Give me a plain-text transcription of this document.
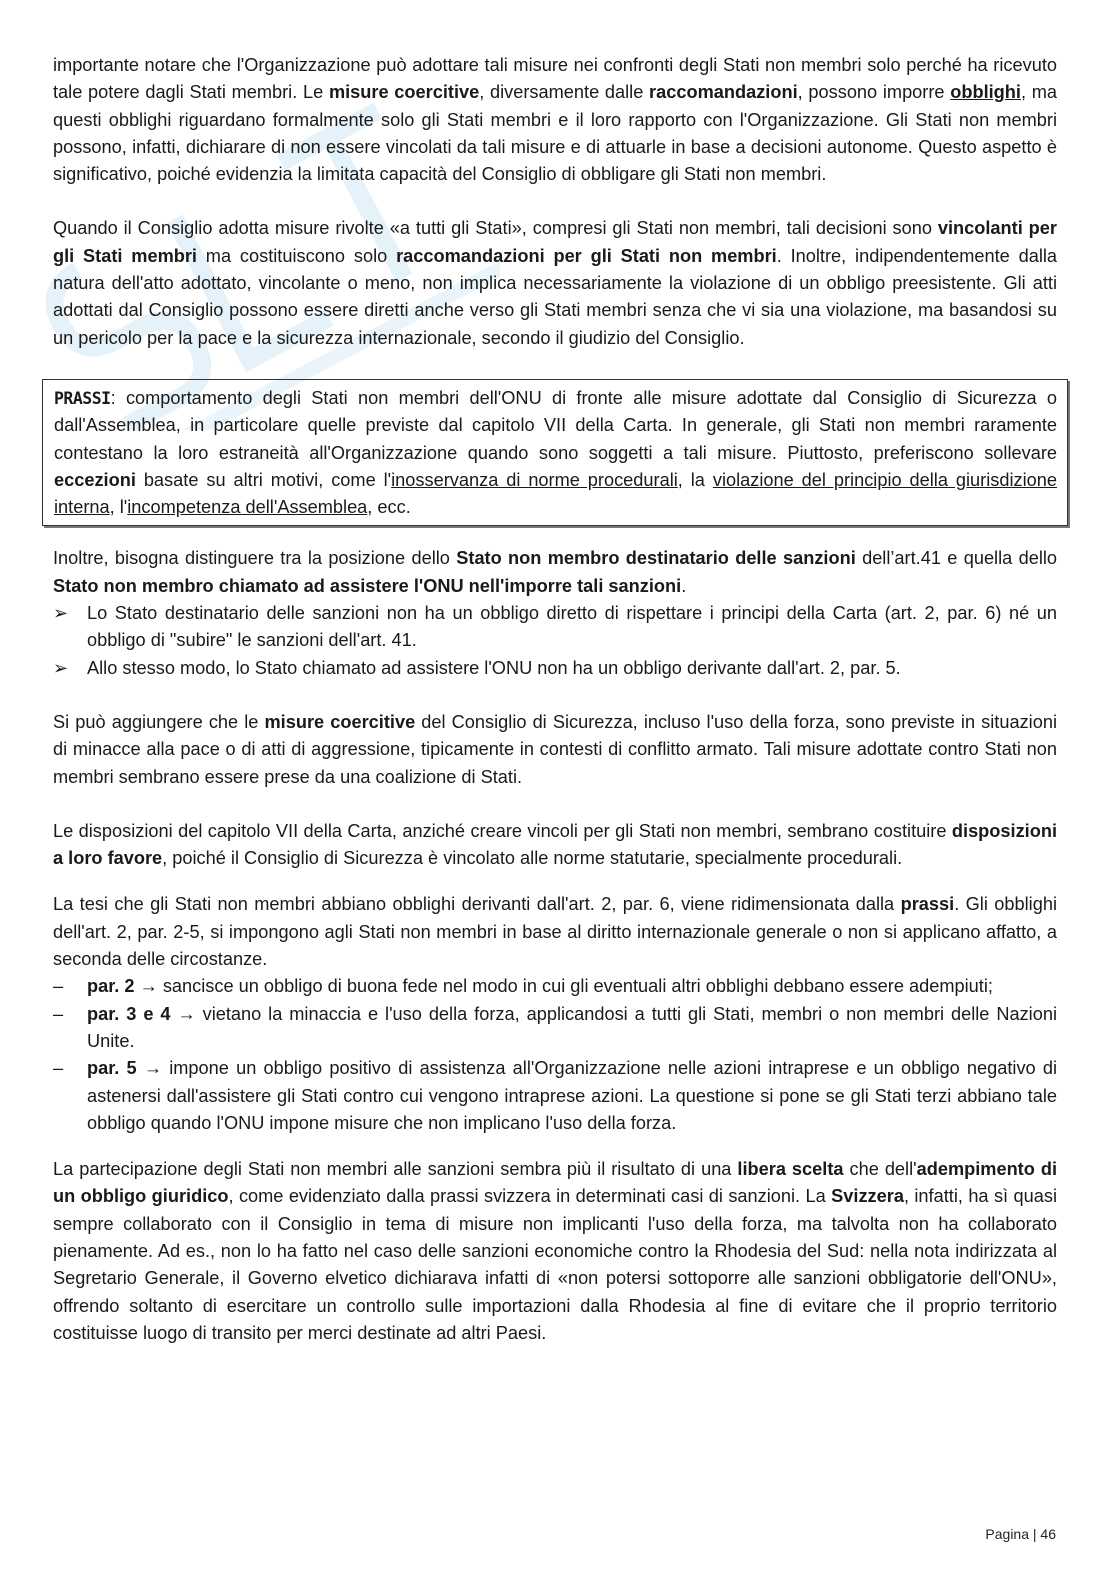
importante notare che l'Organizzazione può adottare tali misure nei confronti degli Stati non membri solo perché ha ricevuto tale potere dagli Stati membri. Le misure coercitive, diversamente dalle raccomandazioni, possono imporre obblighi, ma questi obblighi riguardano formalmente solo gli Stati membri e il loro rapporto con l'Organizzazione. Gli Stati non membri possono, infatti, dichiarare di non essere vincolati da tali misure e di attuarle in base a decisioni autonome. Questo aspetto è significativo, poiché evidenzia la limitata capacità del Consiglio di obbligare gli Stati non membri.

Quando il Consiglio adotta misure rivolte «a tutti gli Stati», compresi gli Stati non membri, tali decisioni sono vincolanti per gli Stati membri ma costituiscono solo raccomandazioni per gli Stati non membri. Inoltre, indipendentemente dalla natura dell'atto adottato, vincolante o meno, non implica necessariamente la violazione di un obbligo preesistente. Gli atti adottati dal Consiglio possono essere diretti anche verso gli Stati membri senza che vi sia una violazione, ma basandosi su un pericolo per la pace e la sicurezza internazionale, secondo il giudizio del Consiglio.

PRASSI: comportamento degli Stati non membri dell'ONU di fronte alle misure adottate dal Consiglio di Sicurezza o dall'Assemblea, in particolare quelle previste dal capitolo VII della Carta. In generale, gli Stati non membri raramente contestano la loro estraneità all'Organizzazione quando sono soggetti a tali misure. Piuttosto, preferiscono sollevare eccezioni basate su altri motivi, come l'inosservanza di norme procedurali, la violazione del principio della giurisdizione interna, l'incompetenza dell'Assemblea, ecc.

Inoltre, bisogna distinguere tra la posizione dello Stato non membro destinatario delle sanzioni dell’art.41 e quella dello Stato non membro chiamato ad assistere l'ONU nell'imporre tali sanzioni.

➢	Lo Stato destinatario delle sanzioni non ha un obbligo diretto di rispettare i principi della Carta (art. 2, par. 6) né un obbligo di "subire" le sanzioni dell'art. 41.
➢	Allo stesso modo, lo Stato chiamato ad assistere l'ONU non ha un obbligo derivante dall'art. 2, par. 5.

Si può aggiungere che le misure coercitive del Consiglio di Sicurezza, incluso l'uso della forza, sono previste in situazioni di minacce alla pace o di atti di aggressione, tipicamente in contesti di conflitto armato. Tali misure adottate contro Stati non membri sembrano essere prese da una coalizione di Stati.

Le disposizioni del capitolo VII della Carta, anziché creare vincoli per gli Stati non membri, sembrano costituire disposizioni a loro favore, poiché il Consiglio di Sicurezza è vincolato alle norme statutarie, specialmente procedurali.

La tesi che gli Stati non membri abbiano obblighi derivanti dall'art. 2, par. 6, viene ridimensionata dalla prassi. Gli obblighi dell'art. 2, par. 2-5, si impongono agli Stati non membri in base al diritto internazionale generale o non si applicano affatto, a seconda delle circostanze.

–	par. 2 → sancisce un obbligo di buona fede nel modo in cui gli eventuali altri obblighi debbano essere adempiuti;
–	par. 3 e 4 → vietano la minaccia e l'uso della forza, applicandosi a tutti gli Stati, membri o non membri delle Nazioni Unite.
–	par. 5 → impone un obbligo positivo di assistenza all'Organizzazione nelle azioni intraprese e un obbligo negativo di astenersi dall'assistere gli Stati contro cui vengono intraprese azioni. La questione si pone se gli Stati terzi abbiano tale obbligo quando l'ONU impone misure che non implicano l'uso della forza.

La partecipazione degli Stati non membri alle sanzioni sembra più il risultato di una libera scelta che dell'adempimento di un obbligo giuridico, come evidenziato dalla prassi svizzera in determinati casi di sanzioni. La Svizzera, infatti, ha sì quasi sempre collaborato con il Consiglio in tema di misure non implicanti l'uso della forza, ma talvolta non ha collaborato pienamente. Ad es., non lo ha fatto nel caso delle sanzioni economiche contro la Rhodesia del Sud: nella nota indirizzata al Segretario Generale, il Governo elvetico dichiarava infatti di «non potersi sottoporre alle sanzioni obbligatorie dell'ONU», offrendo soltanto di esercitare un controllo sulle importazioni dalla Rhodesia al fine di evitare che il proprio territorio costituisse luogo di transito per merci destinate ad altri Paesi.

Pagina | 46
